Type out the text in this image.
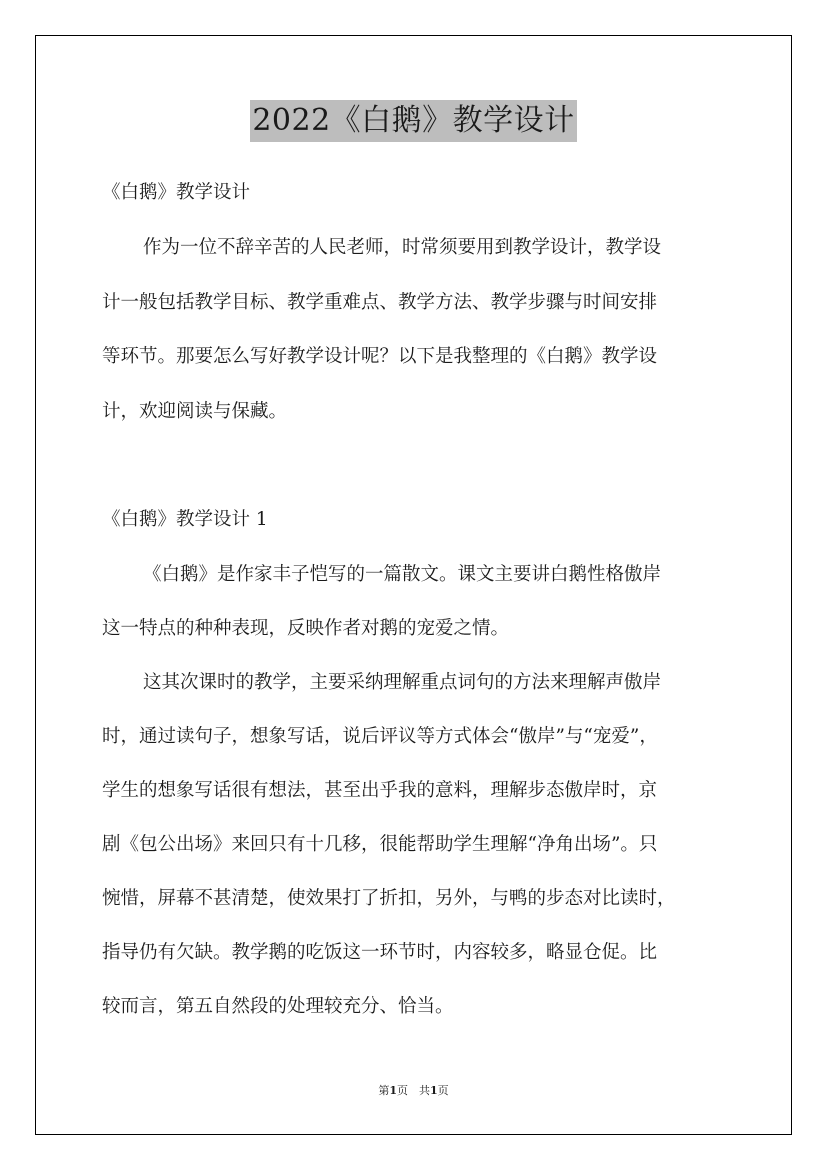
2022《白鹅》教学设计
《白鹅》教学设计
作为一位不辞辛苦的人民老师，时常须要用到教学设计，教学设
计一般包括教学目标、教学重难点、教学方法、教学步骤与时间安排
等环节。那要怎么写好教学设计呢？以下是我整理的《白鹅》教学设
计，欢迎阅读与保藏。
《白鹅》教学设计 1
《白鹅》是作家丰子恺写的一篇散文。课文主要讲白鹅性格傲岸
这一特点的种种表现，反映作者对鹅的宠爱之情。
这其次课时的教学，主要采纳理解重点词句的方法来理解声傲岸
时，通过读句子，想象写话，说后评议等方式体会“傲岸”与“宠爱”，
学生的想象写话很有想法，甚至出乎我的意料，理解步态傲岸时，京
剧《包公出场》来回只有十几移，很能帮助学生理解“净角出场”。只
惋惜，屏幕不甚清楚，使效果打了折扣，另外，与鸭的步态对比读时，
指导仍有欠缺。教学鹅的吃饭这一环节时，内容较多，略显仓促。比
较而言，第五自然段的处理较充分、恰当。
第1页　共1页
